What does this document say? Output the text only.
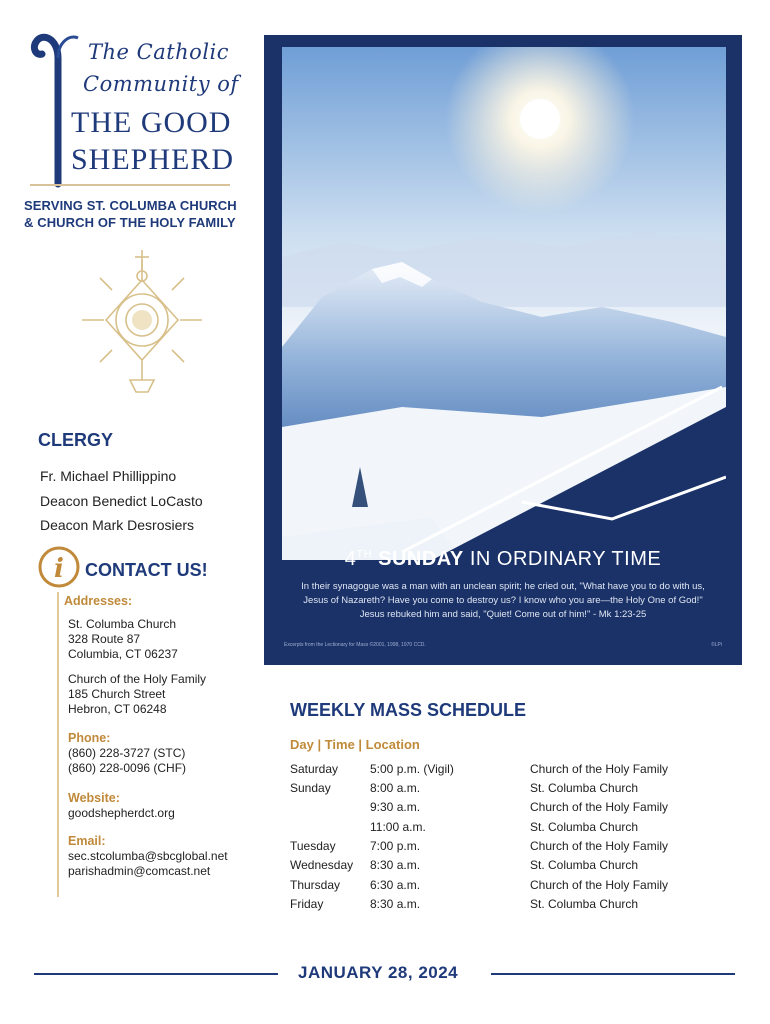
The Catholic
Community of
THE GOOD
SHEPHERD
SERVING ST. COLUMBA CHURCH
& CHURCH OF THE HOLY FAMILY
CLERGY
Fr. Michael Phillippino
Deacon Benedict LoCasto
Deacon Mark Desrosiers
i CONTACT US!
Addresses:
St. Columba Church
328 Route 87
Columbia, CT 06237
Church of the Holy Family
185 Church Street
Hebron, CT 06248
Phone:
(860) 228-3727 (STC)
(860) 228-0096 (CHF)
Website:
goodshepherdct.org
Email:
sec.stcolumba@sbcglobal.net
parishadmin@comcast.net
4TH SUNDAY IN ORDINARY TIME
In their synagogue was a man with an unclean spirit; he cried out, "What have you to do with us, Jesus of Nazareth? Have you come to destroy us? I know who you are—the Holy One of God!" Jesus rebuked him and said, "Quiet! Come out of him!" - Mk 1:23-25
Excerpts from the Lectionary for Mass ©2001, 1998, 1970 CCD.	©LPi
WEEKLY MASS SCHEDULE
Day | Time | Location
Saturday	5:00 p.m. (Vigil)	Church of the Holy Family
Sunday	8:00 a.m.	St. Columba Church
9:30 a.m.	Church of the Holy Family
11:00 a.m.	St. Columba Church
Tuesday	7:00 p.m.	Church of the Holy Family
Wednesday 8:30 a.m.	St. Columba Church
Thursday 6:30 a.m.	Church of the Holy Family
Friday	8:30 a.m.	St. Columba Church
JANUARY 28, 2024
